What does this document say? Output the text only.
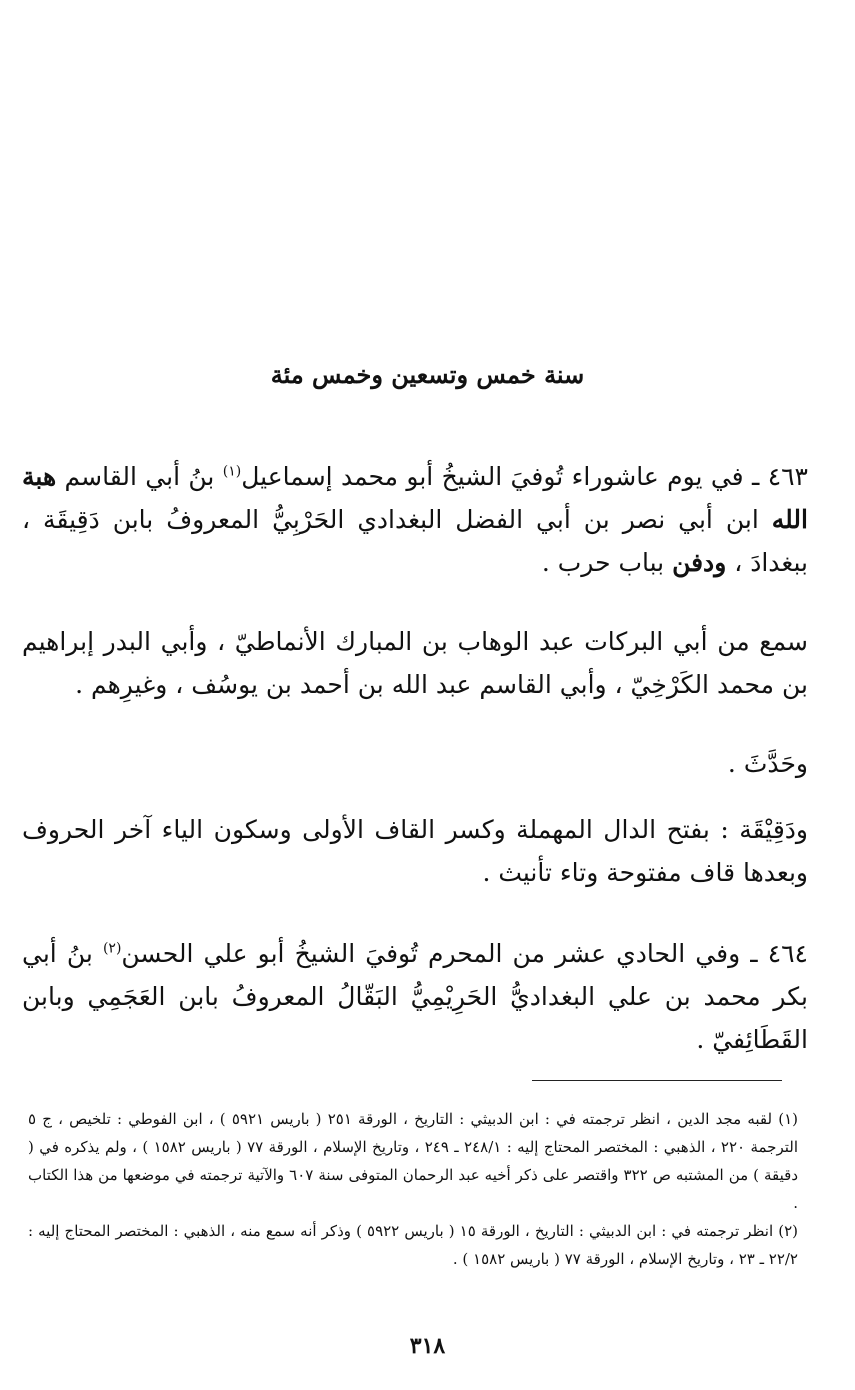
سنة خمس وتسعين وخمس مئة
٤٦٣ ـ في يوم عاشوراء تُوفيَ الشيخُ أبو محمد إسماعيل$^{(١)}$ بنُ أبي القاسم هبة الله ابن أبي نصر بن أبي الفضل البغدادي الحَرْبِيُّ المعروفُ بابن دَقِيقَة ، ببغدادَ ، ودفن بباب حرب .
سمع من أبي البركات عبد الوهاب بن المبارك الأنماطيّ ، وأبي البدر إبراهيم بن محمد الكَرْخِيّ ، وأبي القاسم عبد الله بن أحمد بن يوسُف ، وغيرِهم .
وحَدَّثَ .
ودَقِيْقَة : بفتح الدال المهملة وكسر القاف الأولى وسكون الياء آخر الحروف وبعدها قاف مفتوحة وتاء تأنيث .
٤٦٤ ـ وفي الحادي عشر من المحرم تُوفيَ الشيخُ أبو علي الحسن$^{(٢)}$ بنُ أبي بكر محمد بن علي البغداديُّ الحَرِيْمِيُّ البَقّالُ المعروفُ بابن العَجَمِي وبابن القَطَائِفيّ .

(١) لقبه مجد الدين ، انظر ترجمته في : ابن الدبيثي : التاريخ ، الورقة ٢٥١ ( باريس ٥٩٢١ ) ، ابن الفوطي : تلخيص ، ج ٥ الترجمة ٢٢٠ ، الذهبي : المختصر المحتاج إليه : ٢٤٨/١ ـ ٢٤٩ ، وتاريخ الإسلام ، الورقة ٧٧ ( باريس ١٥٨٢ ) ، ولم يذكره في ( دقيقة ) من المشتبه ص ٣٢٢ واقتصر على ذكر أخيه عبد الرحمان المتوفى سنة ٦٠٧ والآتية ترجمته في موضعها من هذا الكتاب .

(٢) انظر ترجمته في : ابن الدبيثي : التاريخ ، الورقة ١٥ ( باريس ٥٩٢٢ ) وذكر أنه سمع منه ، الذهبي : المختصر المحتاج إليه : ٢٢/٢ ـ ٢٣ ، وتاريخ الإسلام ، الورقة ٧٧ ( باريس ١٥٨٢ ) .

٣١٨
